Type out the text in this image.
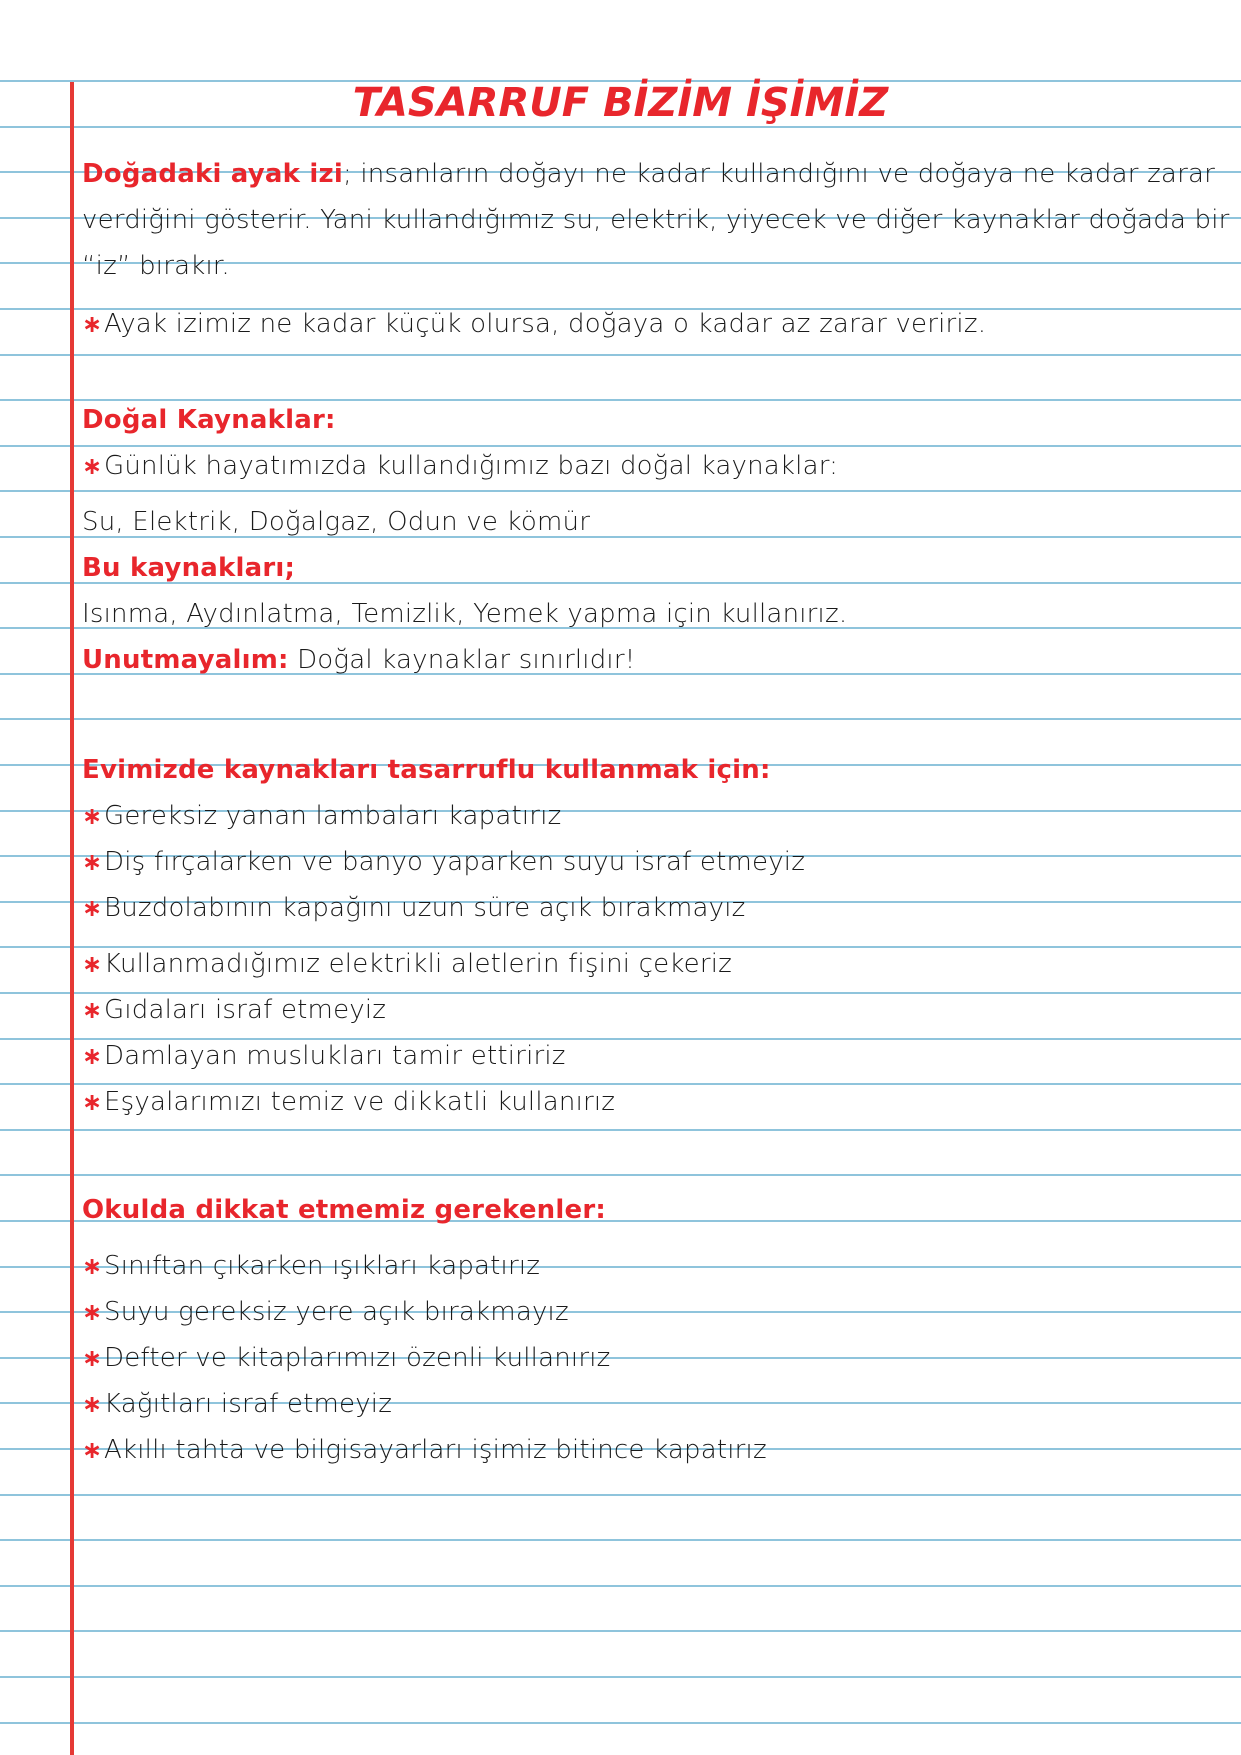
TASARRUF BİZİM İŞİMİZ
Doğadaki ayak izi; insanların doğayı ne kadar kullandığını ve doğaya ne kadar zarar
verdiğini gösterir. Yani kullandığımız su, elektrik, yiyecek ve diğer kaynaklar doğada bir
“iz” bırakır.
∗Ayak izimiz ne kadar küçük olursa, doğaya o kadar az zarar veririz.
Doğal Kaynaklar:
∗Günlük hayatımızda kullandığımız bazı doğal kaynaklar:
Su, Elektrik, Doğalgaz, Odun ve kömür
Bu kaynakları;
Isınma, Aydınlatma, Temizlik, Yemek yapma için kullanırız.
Unutmayalım: Doğal kaynaklar sınırlıdır!
Evimizde kaynakları tasarruflu kullanmak için:
∗Gereksiz yanan lambaları kapatırız
∗Diş fırçalarken ve banyo yaparken suyu israf etmeyiz
∗Buzdolabının kapağını uzun süre açık bırakmayız
∗Kullanmadığımız elektrikli aletlerin fişini çekeriz
∗Gıdaları israf etmeyiz
∗Damlayan muslukları tamir ettiririz
∗Eşyalarımızı temiz ve dikkatli kullanırız
Okulda dikkat etmemiz gerekenler:
∗Sınıftan çıkarken ışıkları kapatırız
∗Suyu gereksiz yere açık bırakmayız
∗Defter ve kitaplarımızı özenli kullanırız
∗Kağıtları israf etmeyiz
∗Akıllı tahta ve bilgisayarları işimiz bitince kapatırız
